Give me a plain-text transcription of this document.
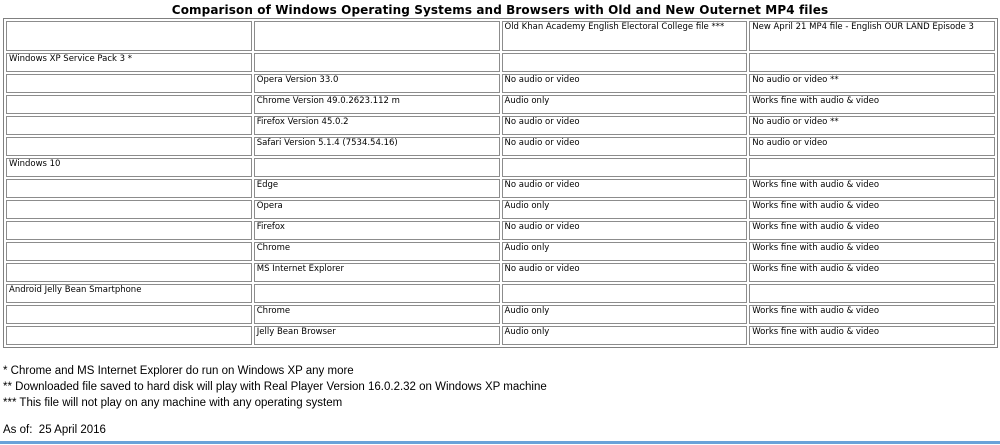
Comparison of Windows Operating Systems and Browsers with Old and New Outernet MP4 files
		Old Khan Academy English Electoral College file ***	New April 21 MP4 file - English OUR LAND Episode 3
Windows XP Service Pack 3 *			
	Opera Version 33.0	No audio or video	No audio or video **
	Chrome Version 49.0.2623.112 m	Audio only	Works fine with audio & video
	Firefox Version 45.0.2	No audio or video	No audio or video **
	Safari Version 5.1.4 (7534.54.16)	No audio or video	No audio or video
Windows 10			
	Edge	No audio or video	Works fine with audio & video
	Opera	Audio only	Works fine with audio & video
	Firefox	No audio or video	Works fine with audio & video
	Chrome	Audio only	Works fine with audio & video
	MS Internet Explorer	No audio or video	Works fine with audio & video
Android Jelly Bean Smartphone			
	Chrome	Audio only	Works fine with audio & video
	Jelly Bean Browser	Audio only	Works fine with audio & video
* Chrome and MS Internet Explorer do run on Windows XP any more
** Downloaded file saved to hard disk will play with Real Player Version 16.0.2.32 on Windows XP machine
*** This file will not play on any machine with any operating system
As of: 25 April 2016
